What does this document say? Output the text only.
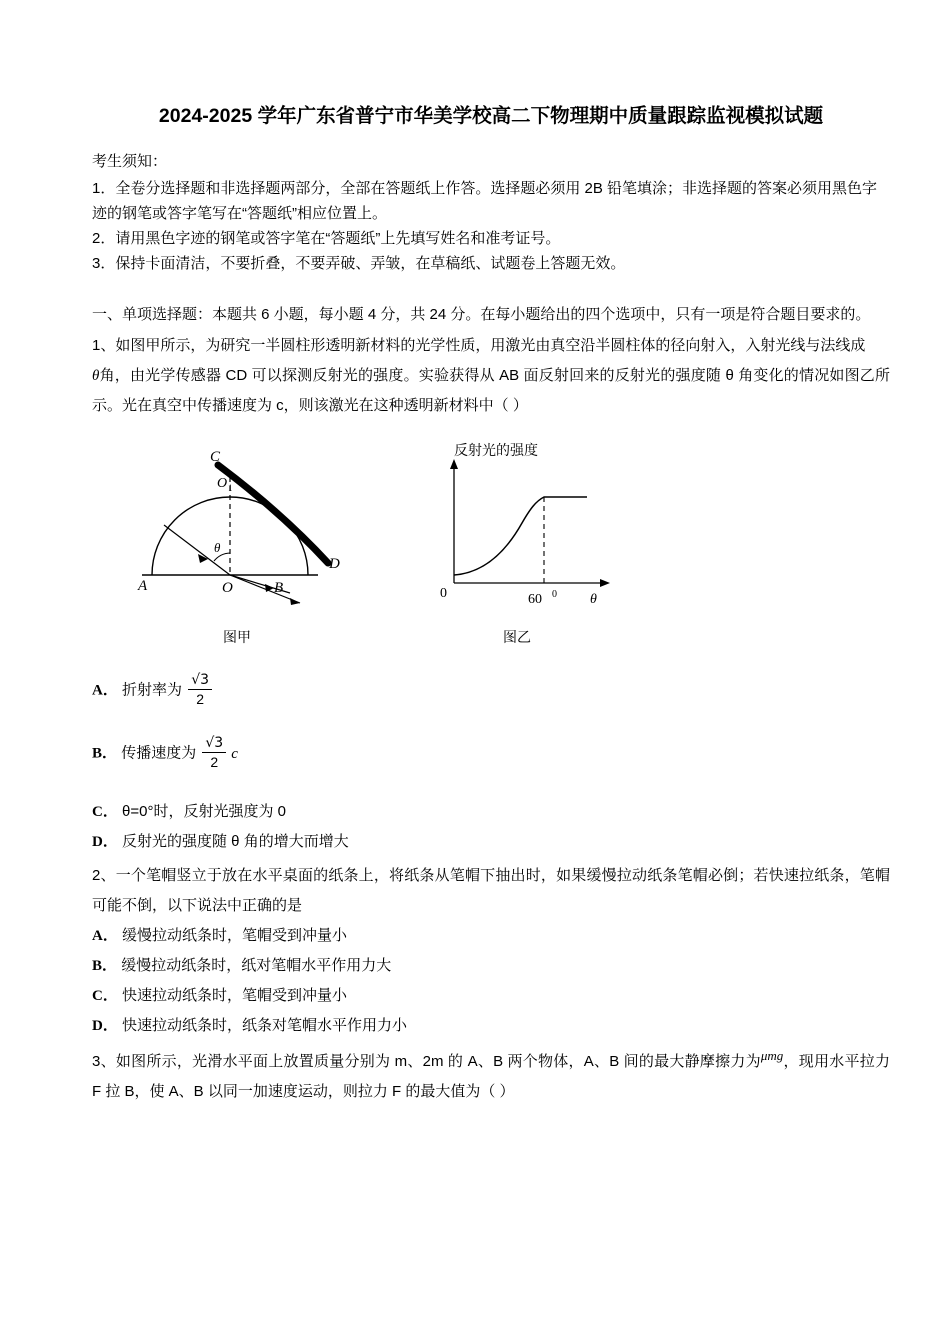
2024-2025 学年广东省普宁市华美学校高二下物理期中质量跟踪监视模拟试题

考生须知：

1．全卷分选择题和非选择题两部分，全部在答题纸上作答。选择题必须用 2B 铅笔填涂；非选择题的答案必须用黑色字迹的钢笔或答字笔写在“答题纸”相应位置上。

2．请用黑色字迹的钢笔或答字笔在“答题纸”上先填写姓名和准考证号。

3．保持卡面清洁，不要折叠，不要弄破、弄皱，在草稿纸、试题卷上答题无效。

一、单项选择题：本题共 6 小题，每小题 4 分，共 24 分。在每小题给出的四个选项中，只有一项是符合题目要求的。

1、如图甲所示，为研究一半圆柱形透明新材料的光学性质，用激光由真空沿半圆柱体的径向射入，入射光线与法线成

θ角，由光学传感器 CD 可以探测反射光的强度。实验获得从 AB 面反射回来的反射光的强度随 θ 角变化的情况如图乙所示。光在真空中传播速度为 c，则该激光在这种透明新材料中（ ）

C
O 1
θ
D
A	O	B
图甲
反射光的强度
0	60 0 θ
图乙

A． 折射率为 $\frac{√3}{2}$

B． 传播速度为 $\frac{√3}{2}$ c

C． θ=0°时，反射光强度为 0

D． 反射光的强度随 θ 角的增大而增大

2、一个笔帽竖立于放在水平桌面的纸条上，将纸条从笔帽下抽出时，如果缓慢拉动纸条笔帽必倒；若快速拉纸条，笔帽可能不倒，以下说法中正确的是

A． 缓慢拉动纸条时，笔帽受到冲量小

B． 缓慢拉动纸条时，纸对笔帽水平作用力大

C． 快速拉动纸条时，笔帽受到冲量小

D． 快速拉动纸条时，纸条对笔帽水平作用力小

3、如图所示，光滑水平面上放置质量分别为 m、2m 的 A、B 两个物体，A、B 间的最大静摩擦力为μmg，现用水平拉力 F 拉 B，使 A、B 以同一加速度运动，则拉力 F 的最大值为（ ）
